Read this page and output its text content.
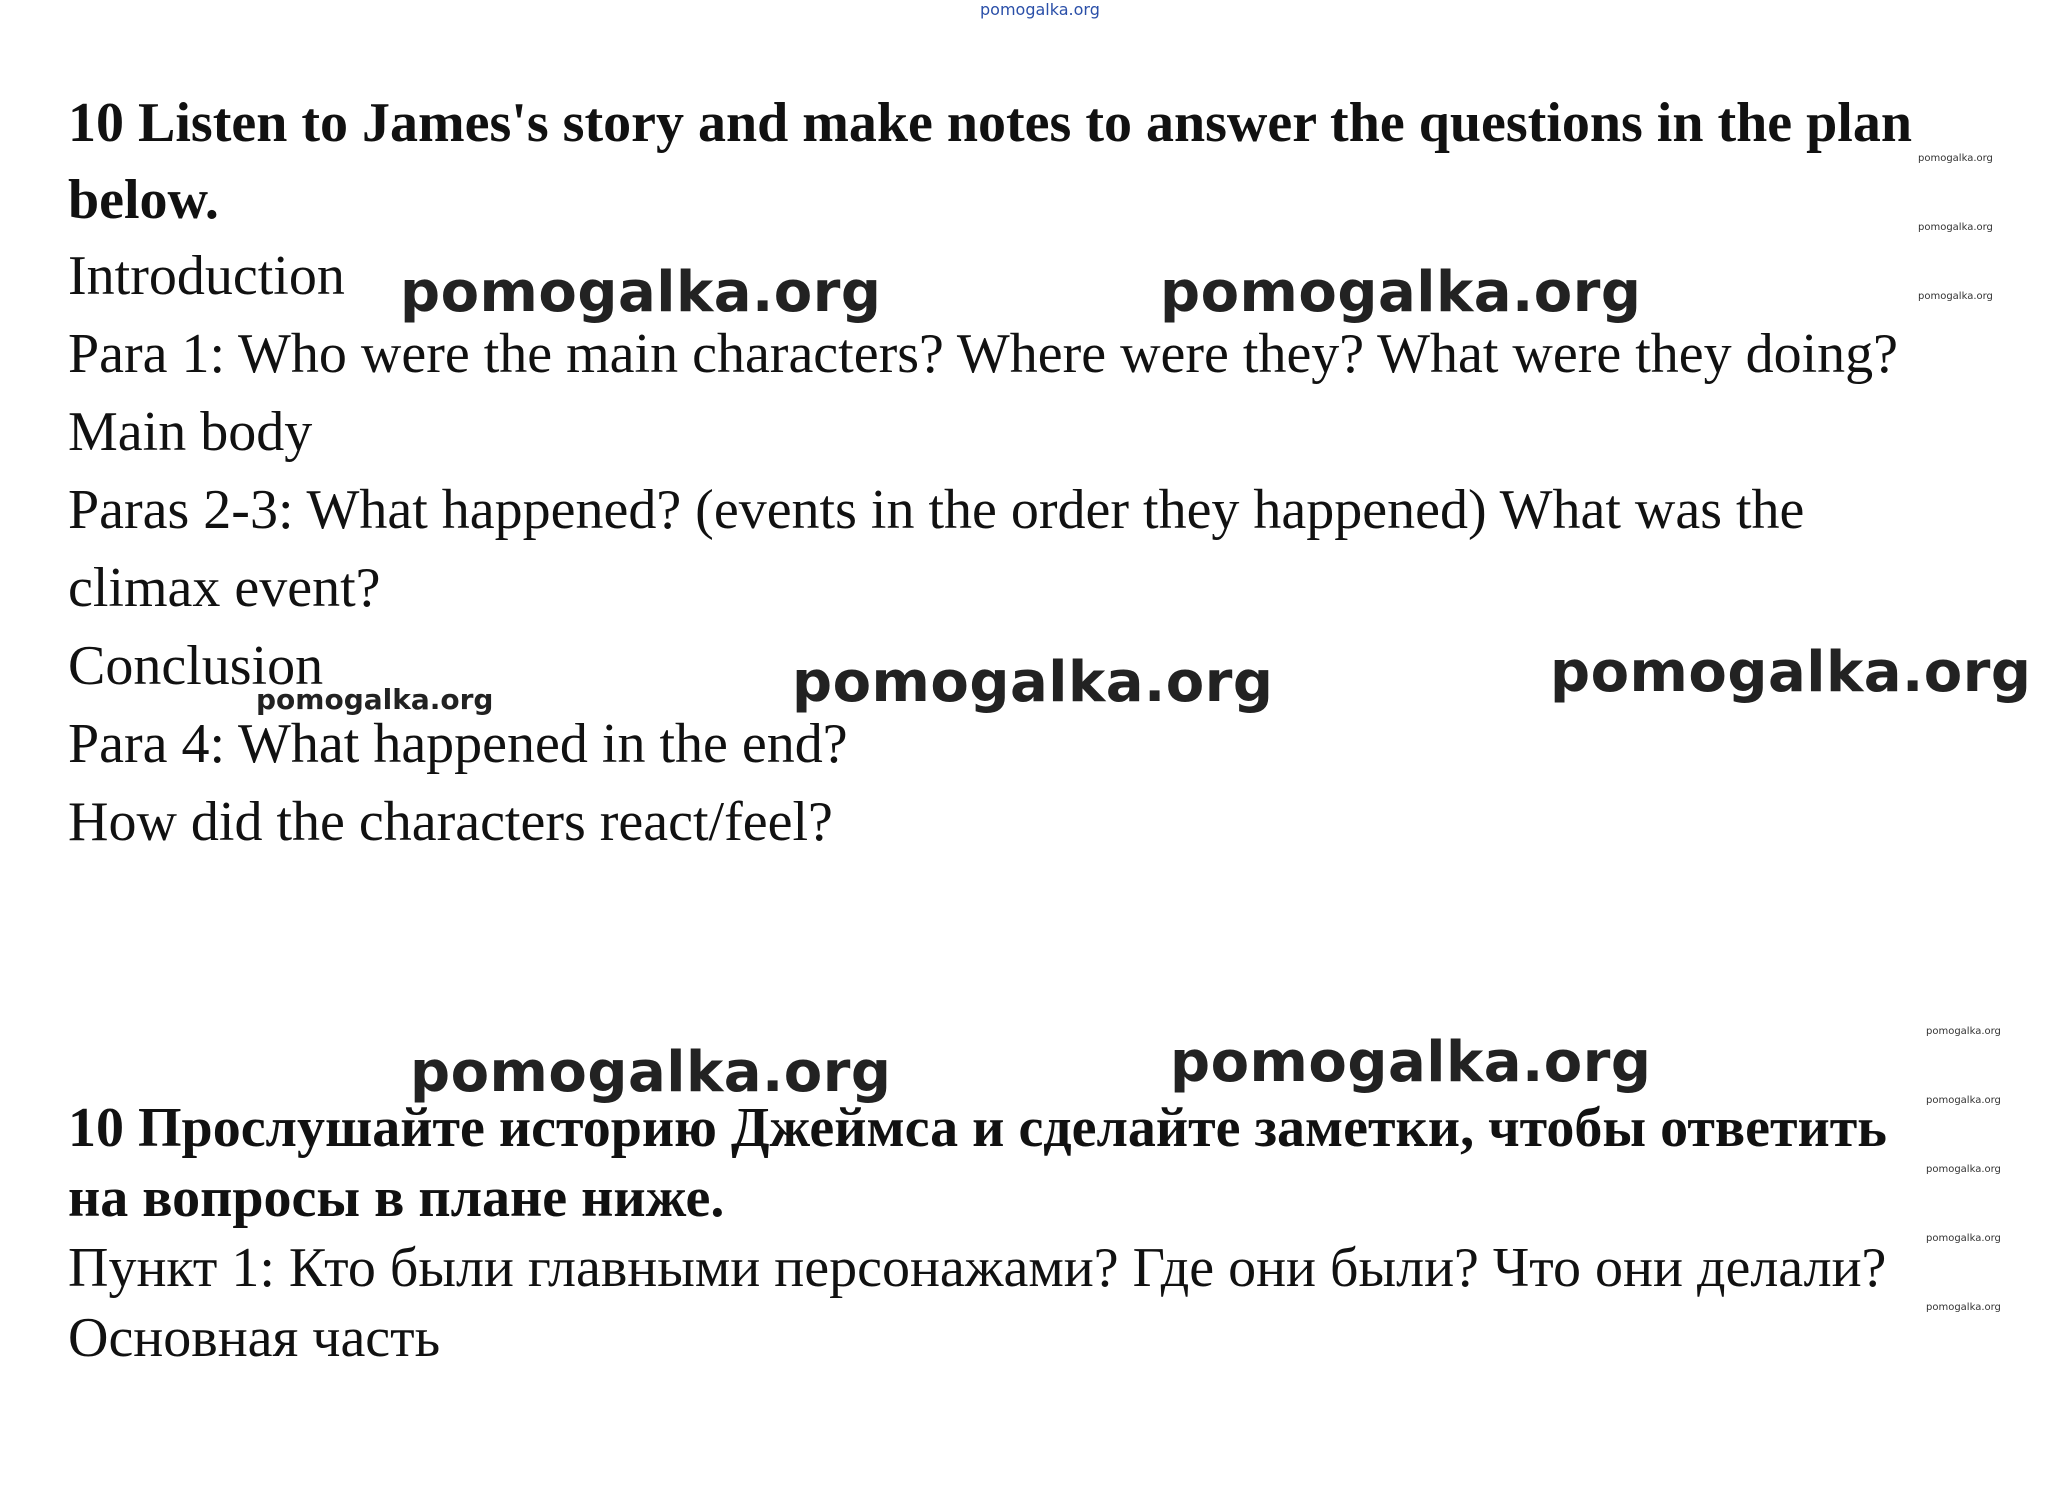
pomogalka.org
10 Listen to James's story and make notes to answer the questions in the plan
below.
Introduction
Para 1: Who were the main characters? Where were they? What were they doing?
Main body
Paras 2-3: What happened? (events in the order they happened) What was the
climax event?
Conclusion
Para 4: What happened in the end?
How did the characters react/feel?
10 Прослушайте историю Джеймса и сделайте заметки, чтобы ответить
на вопросы в плане ниже.
Пункт 1: Кто были главными персонажами? Где они были? Что они делали?
Основная часть
pomogalka.org	pomogalka.org
pomogalka.org	pomogalka.org
pomogalka.org	pomogalka.org
pomogalka.org
pomogalka.org
pomogalka.org
pomogalka.org
pomogalka.org
pomogalka.org
pomogalka.org
pomogalka.org
pomogalka.org
